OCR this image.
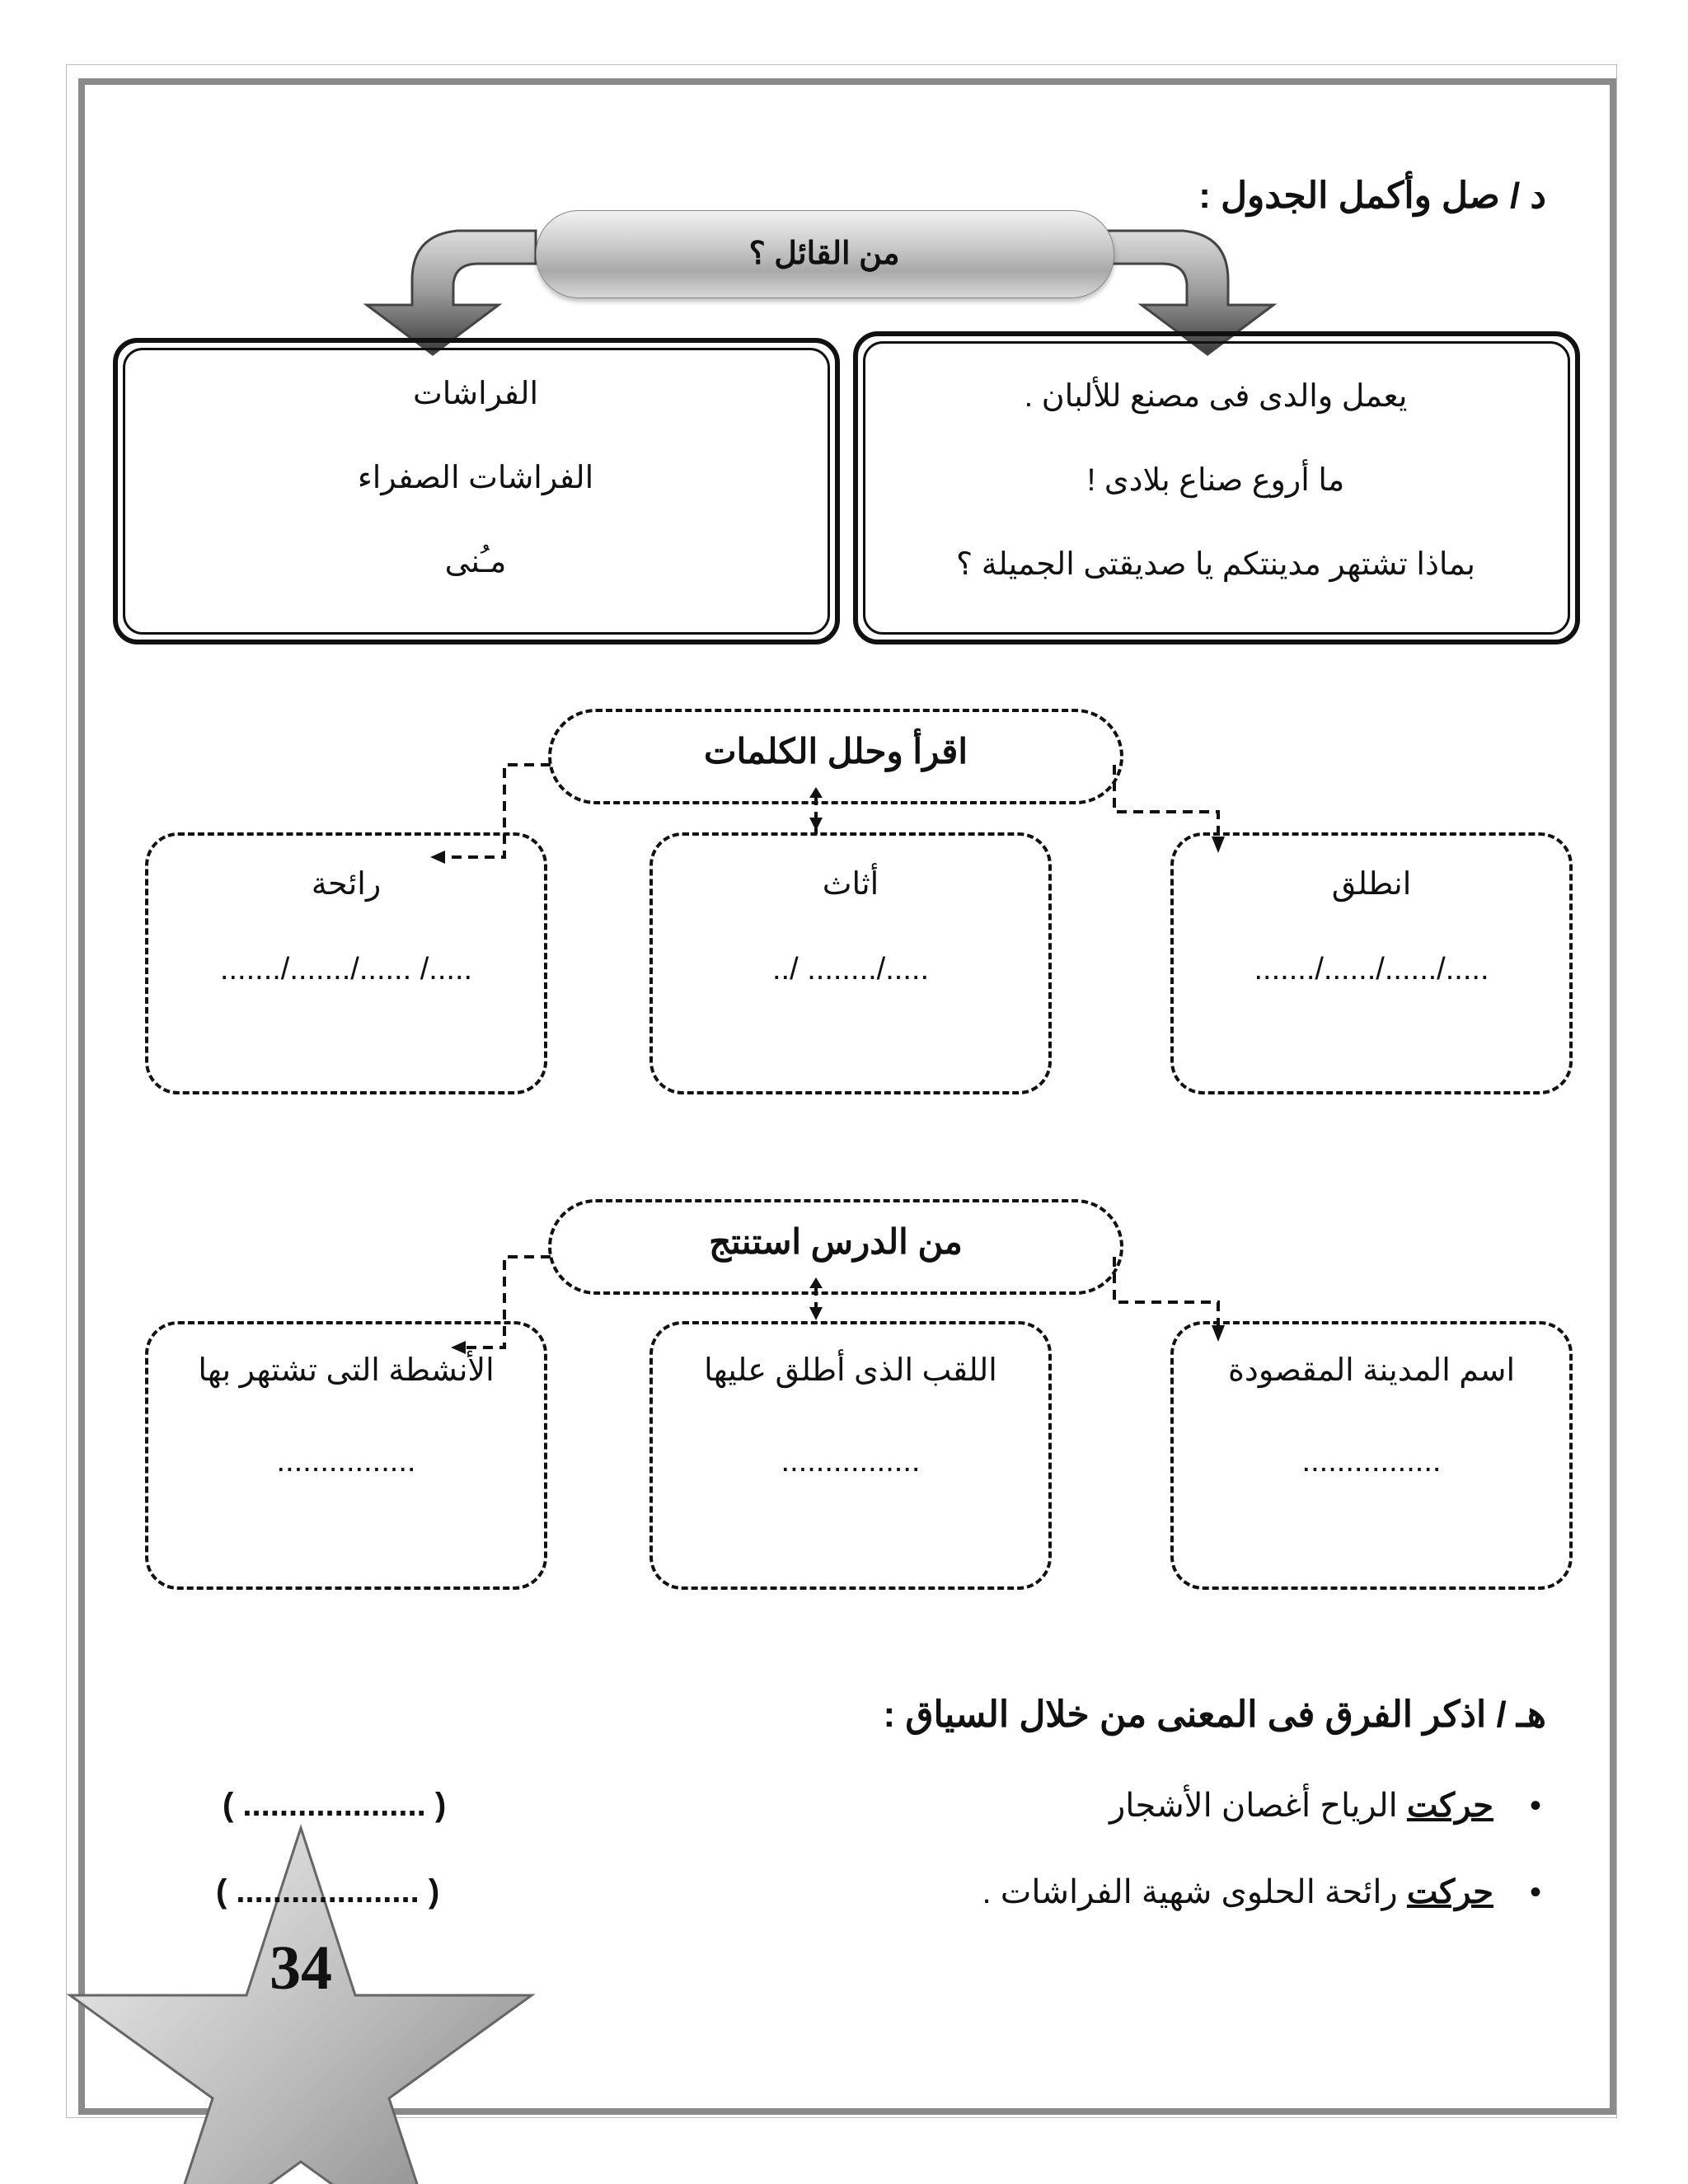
د / صل وأكمل الجدول :
من القائل ؟
يعمل والدى فى مصنع للألبان .
ما أروع صناع بلادى !
بماذا تشتهر مدينتكم يا صديقتى الجميلة ؟
الفراشات
الفراشات الصفراء
مـُنى
اقرأ وحلل الكلمات
انطلق
...../....../....../.......
أثاث
...../........ /..
رائحة
...../ ....../......./.......
من الدرس استنتج
اسم المدينة المقصودة
................
اللقب الذى أطلق عليها
................
الأنشطة التى تشتهر بها
................
هـ / اذكر الفرق فى المعنى من خلال السياق :
•حركت الرياح أغصان الأشجار
( .................... )
•حركت رائحة الحلوى شهية الفراشات .
( .................... )
34
